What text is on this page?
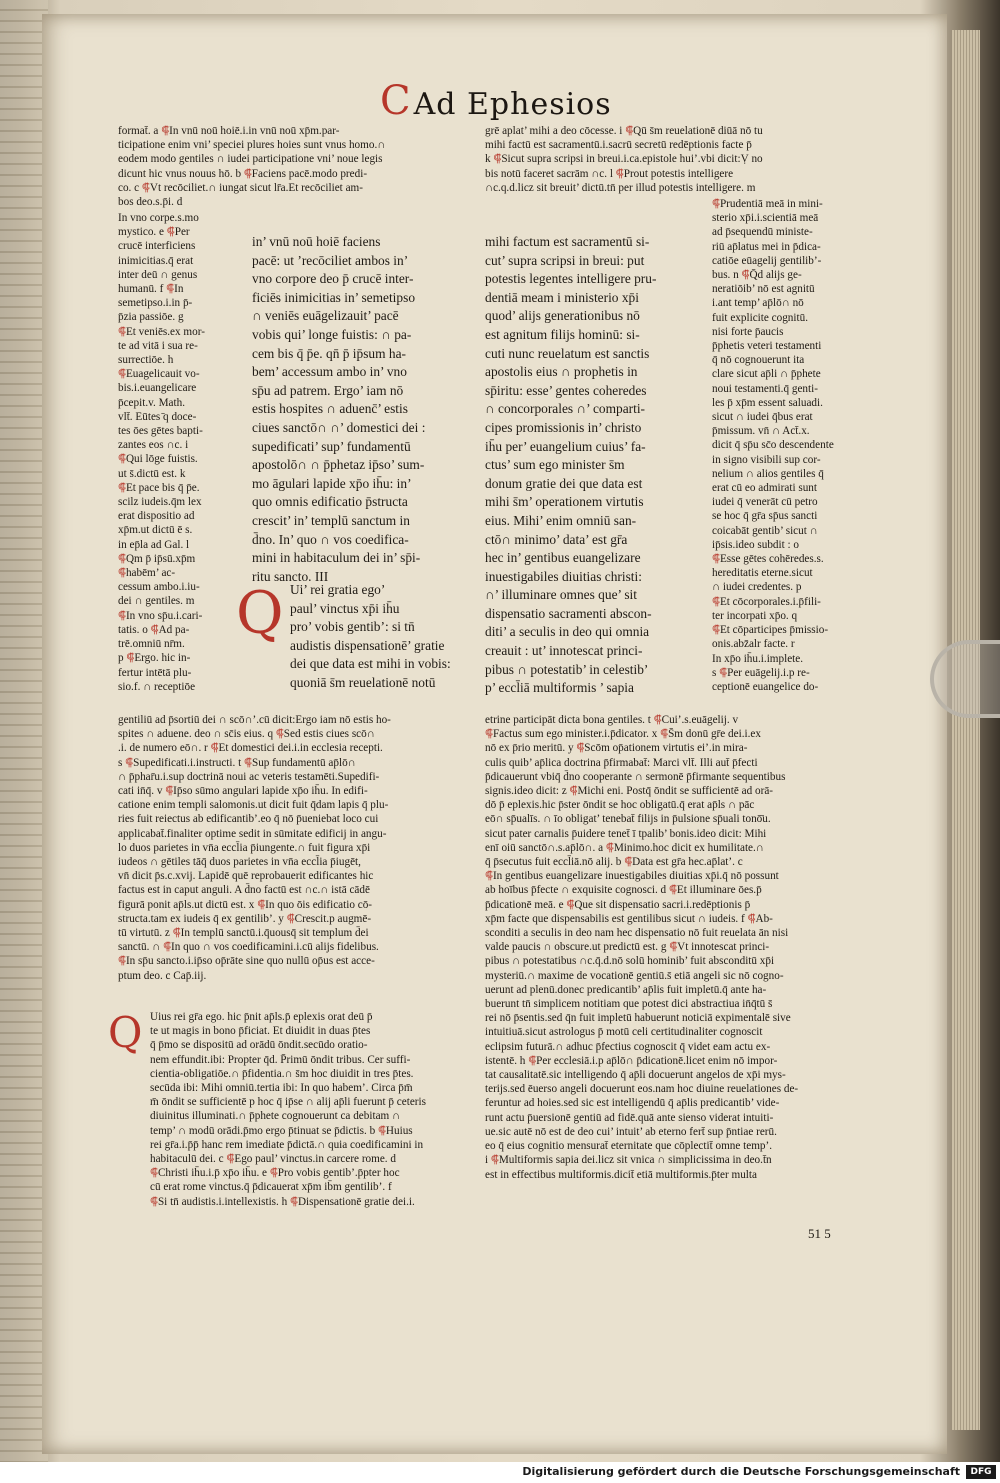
CAd Ephesios
format̄. a ⸿In vnū noū hoiē.i.in vnū noū xp̄m.par-
ticipatione enim vni’ speciei plures hoies sunt vnus homo.∩
eodem modo gentiles ∩ iudei participatione vni’ noue legis
dicunt hic vnus nouus hō. b ⸿Faciens pacē.modo predi-
co. c ⸿Vt recōciliet.∩ iungat sicut lr̄a.Et recōciliet am-
bos deo.s.p̄i. d
grē aplat’ mihi a deo cōcesse. i ⸿Qū s̄m reuelationē diūā nō tu
mihi factū est sacramentū.i.sacrū secretū redēptionis facte p̄
k ⸿Sicut supra scripsi in breui.i.ca.epistole hui’.vbi dicit:Ṿ no
bis notū faceret sacrām ∩c. l ⸿Prout potestis intelligere
∩c.q.d.licz sit breuit’ dictū.tn̄ per illud potestis intelligere. m
In vno corpe.s.mo
mystico. e ⸿Per
crucē interficiens
inimicitias.q̄ erat
inter deū ∩ genus
humanū. f ⸿In
semetipso.i.in p̄-
p̄zia passiōe. g
⸿Et veniēs.ex mor-
te ad vitā i sua re-
surrectiōe. h
⸿Euagelicauit vo-
bis.i.euangelicare
p̄cepit.v. Math.
vlt̄. Eūtes ̄q doce-
tes ōes gētes bapti-
zantes eos ∩c. i
⸿Qui lōge fuistis.
ut s̄.dictū est. k
⸿Et pace bis q̄ p̄e.
scilz iudeis.q̄m lex
erat dispositio ad
xp̄m.ut dictū ē s.
in ep̄la ad Gal. l
⸿Qm p̄ ip̄sū.xp̄m
⸿habēm’ ac-
cessum ambo.i.iu-
dei ∩ gentiles. m
⸿In vno sp̄u.i.cari-
tatis. o ⸿Ad pa-
trē.omniū nr̄m.
p ⸿Ergo. hic in-
fertur intētā plu-
sio.f. ∩ receptiōe
in’ vnū noū hoiē faciens
pacē: ut ’recōciliet ambos in’
vno corpore deo p̄ crucē inter-
ficiēs inimicitias in’ semetipso
∩ veniēs euāgelizauit’ pacē
vobis qui’ longe fuistis: ∩ pa-
cem bis q̄ p̄e. qn̄ p̄ ip̄sum ha-
bem’ accessum ambo in’ vno
sp̄u ad patrem. Ergo’ iam nō
estis hospites ∩ aduenc̄’ estis
ciues sanctō∩ ∩’ domestici dei :
supedificati’ sup’ fundamentū
apostolō∩ ∩ p̄phetaz ip̄so’ sum-
mo āgulari lapide xp̄o ih̄u: in’
quo omnis edificatio p̄structa
crescit’ in’ templū sanctum in
d̄no. In’ quo ∩ vos coedifica-
mini in habitaculum dei in’ sp̄i-
ritu sancto. III
Q Ui’ rei gratia ego’
paul’ vinctus xp̄i ih̄u
pro’ vobis gentib’: si tn̄
audistis dispensationē’ gratie
dei que data est mihi in vobis:
quoniā s̄m reuelationē notū
mihi factum est sacramentū si-
cut’ supra scripsi in breui: put
potestis legentes intelligere pru-
dentiā meam i ministerio xp̄i
quod’ alijs generationibus nō
est agnitum filijs hominū: si-
cuti nunc reuelatum est sanctis
apostolis eius ∩ prophetis in
sp̄iritu: esse’ gentes coheredes
∩ concorporales ∩’ comparti-
cipes promissionis in’ christo
ih̄u per’ euangelium cuius’ fa-
ctus’ sum ego minister s̄m
donum gratie dei que data est
mihi s̄m’ operationem virtutis
eius. Mihi’ enim omniū san-
ctō∩ minimo’ data’ est gr̄a
hec in’ gentibus euangelizare
inuestigabiles diuitias christi:
∩’ illuminare omnes que’ sit
dispensatio sacramenti abscon-
diti’ a seculis in deo qui omnia
creauit : ut’ innotescat princi-
pibus ∩ potestatib’ in celestib’
p’ eccl̄iā multiformis ’ sapia
⸿Prudentiā meā in mini-
sterio xp̄i.i.scientiā meā
ad p̄sequendū ministe-
riū ap̄latus mei in p̄dica-
catiōe eūagelij gentilib’-
bus. n ⸿Q̄d alijs ge-
neratiōib’ nō est agnitū
i.ant temp’ ap̄lō∩ nō
fuit explicite cognitū.
nisi forte p̄aucis
p̄phetis veteri testamenti
q̄ nō cognouerunt ita
clare sicut ap̄li ∩ p̄phete
noui testamenti.q̄ genti-
les p̄ xp̄m essent saluadi.
sicut ∩ iudei q̄bus erat
p̄missum. vn̄ ∩ Act̄.x.
dicit q̄ sp̄u sc̄o descendente
in signo visibili sup cor-
nelium ∩ alios gentiles q̄
erat cū eo admirati sunt
iudei q̄ venerāt cū petro
se hoc q̄ gr̄a sp̄us sancti
coicabāt gentib’ sicut ∩
ip̄sis.ideo subdit : o
⸿Esse gētes cohēredes.s.
hereditatis eterne.sicut
∩ iudei credentes. p
⸿Et cōcorporales.i.p̄fili-
ter incorpati xp̄o. q
⸿Et cōparticipes p̄missio-
onis.abz̄alr facte. r
In xp̄o ih̄u.i.implete.
s ⸿Per euāgelij.i.p re-
ceptionē euangelice do-
gentiliū ad p̄sortiū dei ∩ scō∩’.cū dicit:Ergo iam nō estis ho-
spites ∩ aduene. deo ∩ sc̄is eius. q ⸿Sed estis ciues scō∩
.i. de numero eō∩. r ⸿Et domestici dei.i.in ecclesia recepti.
s ⸿Supedificati.i.instructi. t ⸿Sup fundamentū ap̄lō∩
∩ p̄phar̄u.i.sup doctrinā noui ac veteris testamēti.Supedifi-
cati in̄q̄. v ⸿Ip̄so sūmo angulari lapide xp̄o ih̄u. In edifi-
catione enim templi salomonis.ut dicit fuit q̄dam lapis q̄ plu-
ries fuit reiectus ab edificantib’.eo q̄ nō p̄ueniebat loco cui
applicabat̄.finaliter optime sedit in sūmitate edificij in angu-
lo duos parietes in vn̄a eccl̄ia p̄iungente.∩ fuit figura xp̄i
iudeos ∩ gētiles tāq̄ duos parietes in vn̄a eccl̄ia p̄iugēt,
vn̄ dicit p̄s.c.xvij. Lapidē quē reprobauerit edificantes hic
factus est in caput anguli. A d̄no factū est ∩c.∩ istā cādē
figurā ponit ap̄ls.ut dictū est. x ⸿In quo ōis edificatio cō-
structa.tam ex iudeis q̄ ex gentilib’. y ⸿Crescit.p augmē-
tū virtutū. z ⸿In templū sanctū.i.q̄uousq̄ sit templum d̄ei
sanctū. ∩ ⸿In quo ∩ vos coedificamini.i.cū alijs fidelibus.
⸿In sp̄u sancto.i.ip̄so op̄rāte sine quo nullū op̄us est acce-
ptum deo. c Cap̄.iij.
Q Uius rei gr̄a ego. hic p̄nit ap̄ls.p̄ eplexis orat deū p̄
te ut magis in bono p̄ficiat. Et diuidit in duas p̄tes
q̄ p̄mo se dispositū ad orādū ōndit.secūdo oratio-
nem effundit.ibi: Propter q̄d. P̄rimū ōndit tribus. Cer suffi-
cientia-obligatiōe.∩ p̄fidentia.∩ s̄m hoc diuidit in tres p̄tes.
secūda ibi: Mihi omniū.tertia ibi: In quo habem’. Circa p̄m̄
m̄ ōndit se sufficientē p hoc q̄ ip̄se ∩ alij ap̄li fuerunt p̄ ceteris
diuinitus illuminati.∩ p̄phete cognouerunt ca debitam ∩
temp’ ∩ modū orādi.p̄mo ergo p̄tinuat se p̄dictis. b ⸿Huius
rei gr̄a.i.p̄p̄ hanc rem imediate p̄dictā.∩ quia coedificamini in
habitaculū dei. c ⸿Ego paul’ vinctus.in carcere rome. d
⸿Christi ih̄u.i.p̄ xp̄o ih̄u. e ⸿Pro vobis gentib’.p̄pter hoc
cū erat rome vinctus.q̄ p̄dicauerat xp̄m ib̄m gentilib’. f
⸿Si tn̄ audistis.i.intellexistis. h ⸿Dispensationē gratie dei.i.
etrine participāt dicta bona gentiles. t ⸿Cui’.s.euāgelij. v
⸿Factus sum ego minister.i.p̄dicator. x ⸿S̄m donū gr̄e dei.i.ex
nō ex p̄rio meritū. y ⸿Scōm op̄ationem virtutis ei’.in mira-
culis quib’ ap̄lica doctrina p̄firmabat̄: Marci vlt̄. Illi aut̄ p̄fecti
p̄dicauerunt vbiq̄ d̄no cooperante ∩ sermonē p̄firmante sequentibus
signis.ideo dicit: z ⸿Michi eni. Postq̄ ōndit se sufficientē ad orā-
dō p̄ eplexis.hic p̄ster ōndit se hoc obligatū.q̄ erat ap̄ls ∩ pāc
eō∩ sp̄ualīs. ∩ īo obligat’ tenebat̄ filijs in p̄ulsione sp̄uali tonō̄u.
sicut pater carnalis p̄uidere tenet̄ ī tpalib’ bonis.ideo dicit: Mihi
enī oiū sanctō∩.s.ap̄lō∩. a ⸿Minimo.hoc dicit ex humilitate.∩
q̄ p̄secutus fuit eccl̄iā.nō alij. b ⸿Data est gr̄a hec.ap̄lat’. c
⸿In gentibus euangelizare inuestigabiles diuitias xp̄i.q̄ nō possunt
ab hoībus p̄fecte ∩ exquisite cognosci. d ⸿Et illuminare ōes.p̄
p̄dicationē meā. e ⸿Que sit dispensatio sacri.i.redēptionis p̄
xp̄m facte que dispensabilis est gentilibus sicut ∩ iudeis. f ⸿Ab-
sconditi a seculis in deo nam hec dispensatio nō fuit reuelata ān nisi
valde paucis ∩ obscure.ut predictū est. g ⸿Vt innotescat princi-
pibus ∩ potestatibus ∩c.q̄.d.nō solū hominib’ fuit absconditū xp̄i
mysteriū.∩ maxime de vocationē gentiū.s̄ etiā angeli sic nō cogno-
uerunt ad plenū.donec predicantib’ ap̄lis fuit impletū.q̄ ante ha-
buerunt tn̄ simplicem notitiam que potest dici abstractiua in̄q̄tū s̄
rei nō p̄sentis.sed q̄n fuit impletū habuerunt noticiā expimentalē sive
intuitiuā.sicut astrologus p̄ motū celi certitudinaliter cognoscit
eclipsim futurā.∩ adhuc p̄fectius cognoscit q̄ videt eam actu ex-
istentē. h ⸿Per ecclesiā.i.p ap̄lō∩ p̄dicationē.licet enim nō impor-
tat causalitatē.sic intelligendo q̄ ap̄li docuerunt angelos de xp̄i mys-
terijs.sed ēuerso angeli docuerunt eos.nam hoc diuine reuelationes de-
feruntur ad hoies.sed sic est intelligendū q̄ ap̄lis predicantib’ vide-
runt actu p̄uersionē gentiū ad fidē.quā ante sienso viderat intuiti-
ue.sic autē nō est de deo cui’ intuit’ ab eterno fert̄ sup p̄ntiae rerū.
eo q̄ eius cognitio mensurat̄ eternitate que cōplectit̄ omne temp’.
i ⸿Multiformis sapia dei.licz sit vnica ∩ simplicissima in deo.t̄n
est in effectibus multiformis.dicit̄ etiā multiformis.p̄ter multa
51 5
Digitalisierung gefördert durch die Deutsche Forschungsgemeinschaft	DFG
